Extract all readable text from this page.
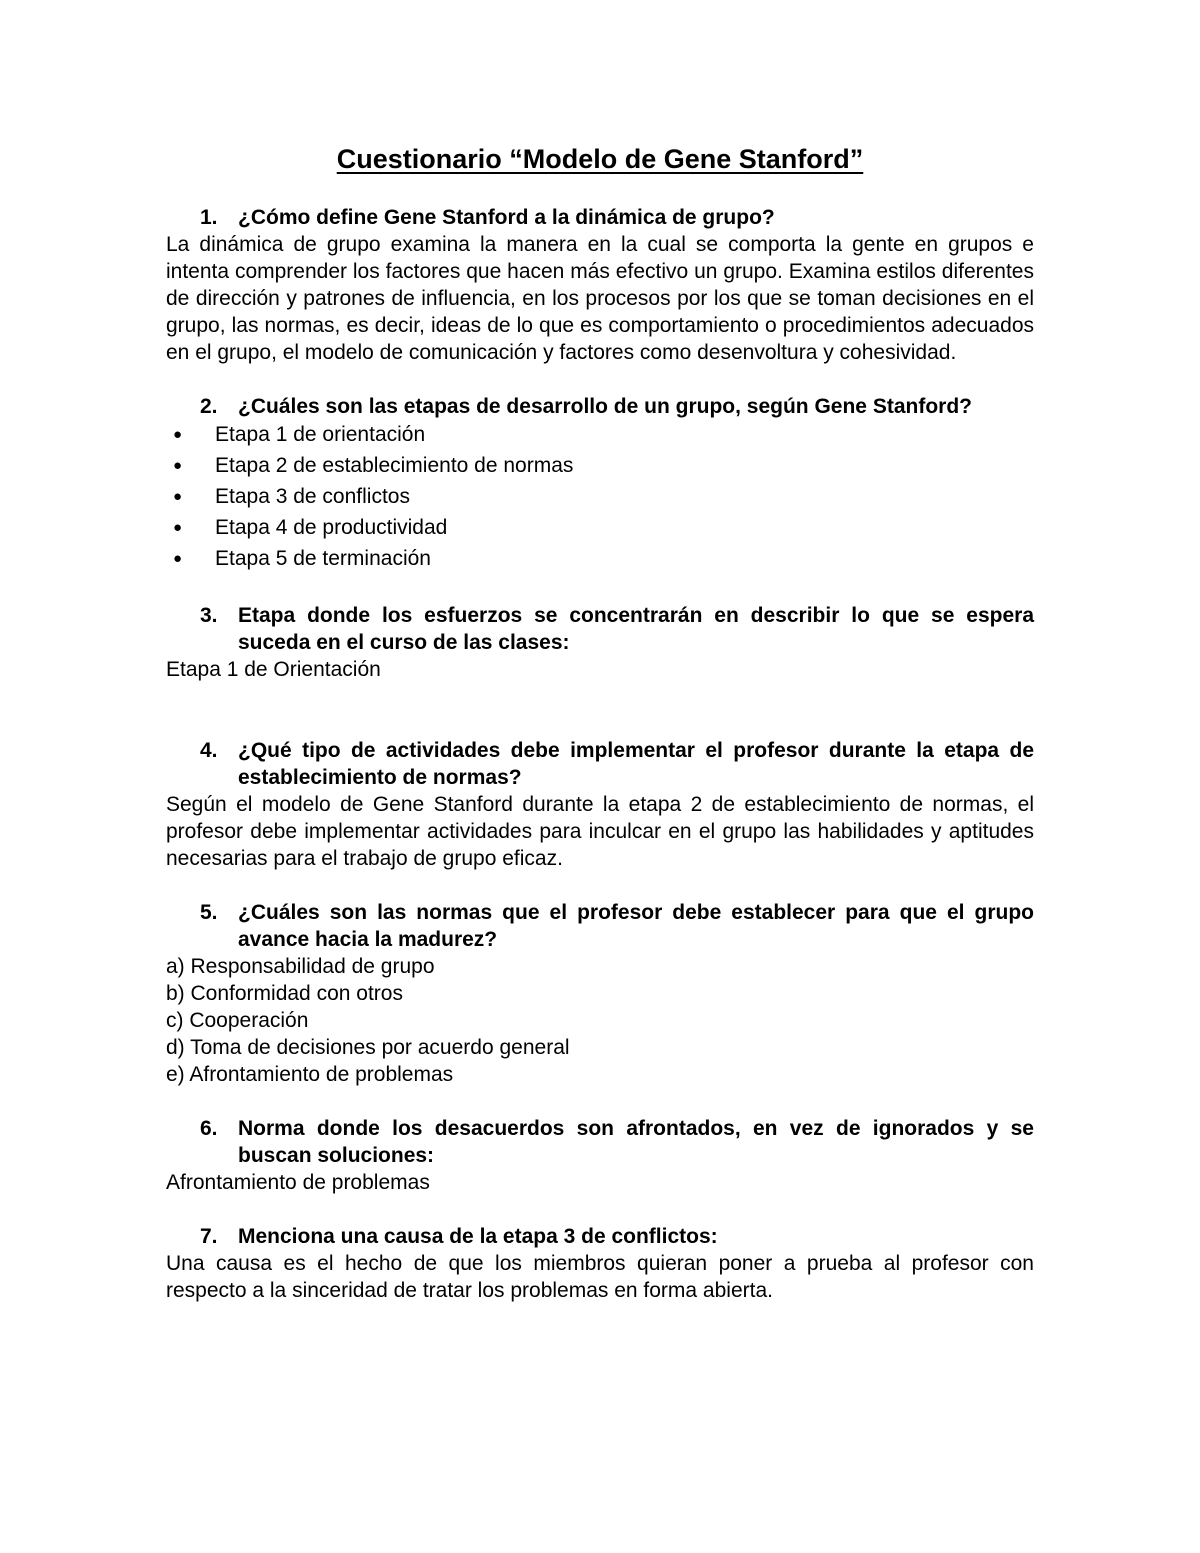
Cuestionario “Modelo de Gene Stanford”
1. ¿Cómo define Gene Stanford a la dinámica de grupo?

La dinámica de grupo examina la manera en la cual se comporta la gente en grupos e intenta comprender los factores que hacen más efectivo un grupo. Examina estilos diferentes de dirección y patrones de influencia, en los procesos por los que se toman decisiones en el grupo, las normas, es decir, ideas de lo que es comportamiento o procedimientos adecuados en el grupo, el modelo de comunicación y factores como desenvoltura y cohesividad.

2. ¿Cuáles son las etapas de desarrollo de un grupo, según Gene Stanford?
●	Etapa 1 de orientación
●	Etapa 2 de establecimiento de normas
●	Etapa 3 de conflictos
●	Etapa 4 de productividad
●	Etapa 5 de terminación
3. Etapa donde los esfuerzos se concentrarán en describir lo que se espera suceda en el curso de las clases:

Etapa 1 de Orientación

4. ¿Qué tipo de actividades debe implementar el profesor durante la etapa de establecimiento de normas?

Según el modelo de Gene Stanford durante la etapa 2 de establecimiento de normas, el profesor debe implementar actividades para inculcar en el grupo las habilidades y aptitudes necesarias para el trabajo de grupo eficaz.

5. ¿Cuáles son las normas que el profesor debe establecer para que el grupo avance hacia la madurez?
a) Responsabilidad de grupo
b) Conformidad con otros
c) Cooperación
d) Toma de decisiones por acuerdo general
e) Afrontamiento de problemas
6. Norma donde los desacuerdos son afrontados, en vez de ignorados y se buscan soluciones:

Afrontamiento de problemas

7. Menciona una causa de la etapa 3 de conflictos:

Una causa es el hecho de que los miembros quieran poner a prueba al profesor con respecto a la sinceridad de tratar los problemas en forma abierta.
